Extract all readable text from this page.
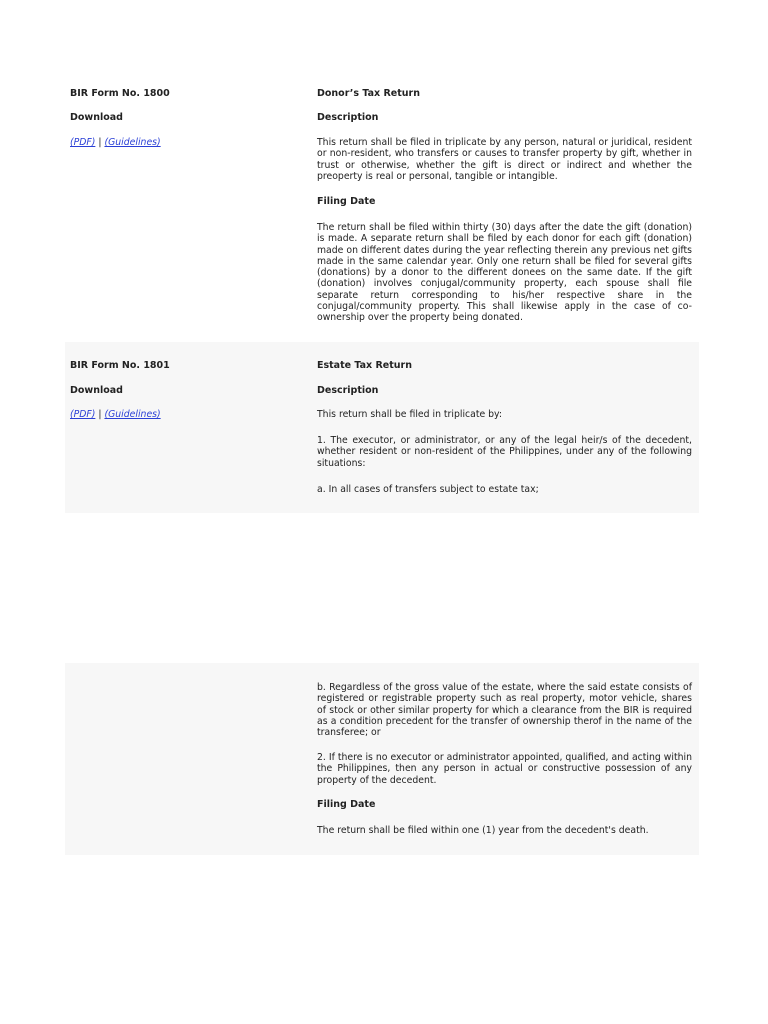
BIR Form No. 1800
Download
(PDF) | (Guidelines)
Donor’s Tax Return
Description

This return shall be filed in triplicate by any person, natural or juridical, resident or non-resident, who transfers or causes to transfer property by gift, whether in trust or otherwise, whether the gift is direct or indirect and whether the preoperty is real or personal, tangible or intangible.

Filing Date

The return shall be filed within thirty (30) days after the date the gift (donation) is made. A separate return shall be filed by each donor for each gift (donation) made on different dates during the year reflecting therein any previous net gifts made in the same calendar year. Only one return shall be filed for several gifts (donations) by a donor to the different donees on the same date. If the gift (donation) involves conjugal/community property, each spouse shall file separate return corresponding to his/her respective share in the conjugal/community property. This shall likewise apply in the case of co-ownership over the property being donated.

BIR Form No. 1801
Download
(PDF) | (Guidelines)
Estate Tax Return
Description

This return shall be filed in triplicate by:

1. The executor, or administrator, or any of the legal heir/s of the decedent, whether resident or non-resident of the Philippines, under any of the following situations:

a. In all cases of transfers subject to estate tax;

b. Regardless of the gross value of the estate, where the said estate consists of registered or registrable property such as real property, motor vehicle, shares of stock or other similar property for which a clearance from the BIR is required as a condition precedent for the transfer of ownership therof in the name of the transferee; or

2. If there is no executor or administrator appointed, qualified, and acting within the Philippines, then any person in actual or constructive possession of any property of the decedent.

Filing Date

The return shall be filed within one (1) year from the decedent's death.
